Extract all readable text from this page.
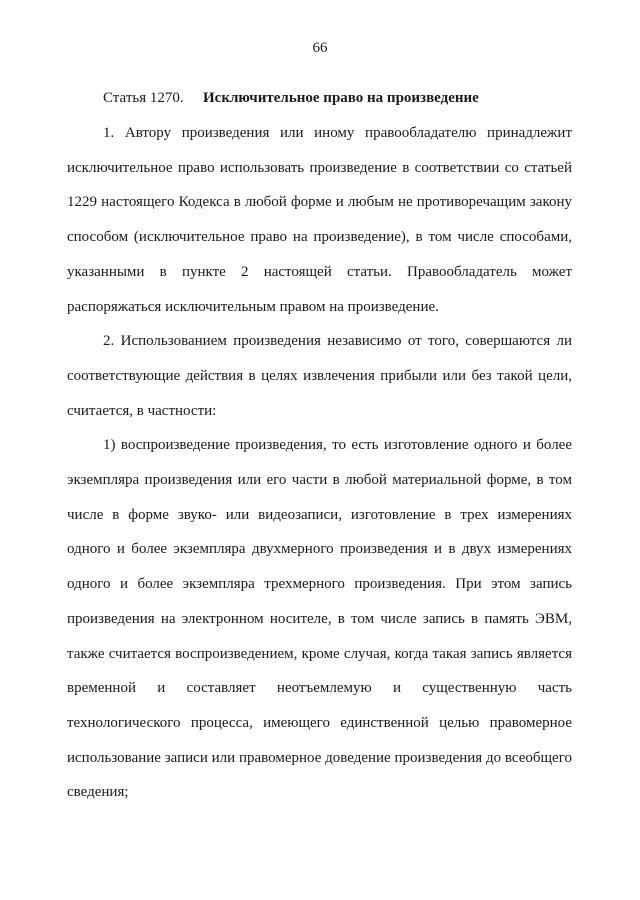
66
Статья 1270. Исключительное право на произведение

1. Автору произведения или иному правообладателю принадлежит исключительное право использовать произведение в соответствии со статьей 1229 настоящего Кодекса в любой форме и любым не противоречащим закону способом (исключительное право на произведение), в том числе способами, указанными в пункте 2 настоящей статьи. Правообладатель может распоряжаться исключительным правом на произведение.

2. Использованием произведения независимо от того, совершаются ли соответствующие действия в целях извлечения прибыли или без такой цели, считается, в частности:

1) воспроизведение произведения, то есть изготовление одного и более экземпляра произведения или его части в любой материальной форме, в том числе в форме звуко- или видеозаписи, изготовление в трех измерениях одного и более экземпляра двухмерного произведения и в двух измерениях одного и более экземпляра трехмерного произведения. При этом запись произведения на электронном носителе, в том числе запись в память ЭВМ, также считается воспроизведением, кроме случая, когда такая запись является временной и составляет неотъемлемую и существенную часть технологического процесса, имеющего единственной целью правомерное использование записи или правомерное доведение произведения до всеобщего сведения;
